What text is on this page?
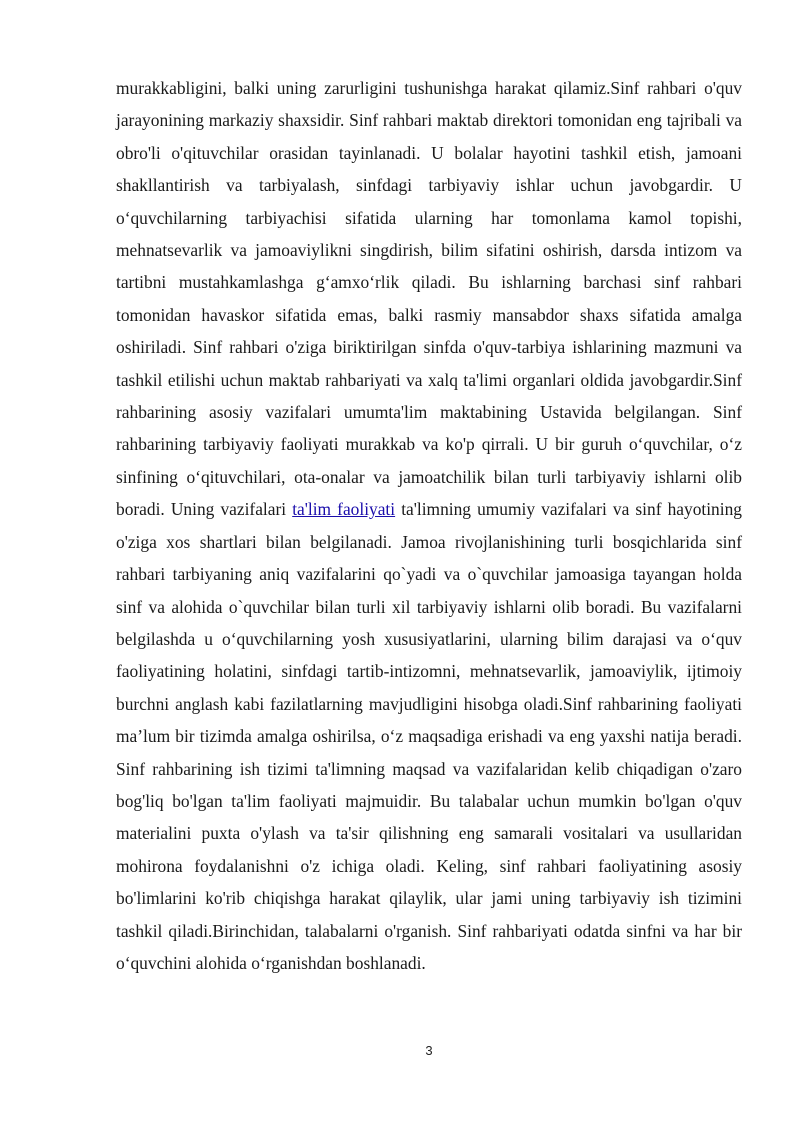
murakkabligini, balki uning zarurligini tushunishga harakat qilamiz.Sinf rahbari o'quv jarayonining markaziy shaxsidir. Sinf rahbari maktab direktori tomonidan eng tajribali va obro'li o'qituvchilar orasidan tayinlanadi. U bolalar hayotini tashkil etish, jamoani shakllantirish va tarbiyalash, sinfdagi tarbiyaviy ishlar uchun javobgardir. U o‘quvchilarning tarbiyachisi sifatida ularning har tomonlama kamol topishi, mehnatsevarlik va jamoaviylikni singdirish, bilim sifatini oshirish, darsda intizom va tartibni mustahkamlashga g‘amxo‘rlik qiladi. Bu ishlarning barchasi sinf rahbari tomonidan havaskor sifatida emas, balki rasmiy mansabdor shaxs sifatida amalga oshiriladi. Sinf rahbari o'ziga biriktirilgan sinfda o'quv-tarbiya ishlarining mazmuni va tashkil etilishi uchun maktab rahbariyati va xalq ta'limi organlari oldida javobgardir.Sinf rahbarining asosiy vazifalari umumta'lim maktabining Ustavida belgilangan. Sinf rahbarining tarbiyaviy faoliyati murakkab va ko'p qirrali. U bir guruh o‘quvchilar, o‘z sinfining o‘qituvchilari, ota-onalar va jamoatchilik bilan turli tarbiyaviy ishlarni olib boradi. Uning vazifalari ta'lim faoliyati ta'limning umumiy vazifalari va sinf hayotining o'ziga xos shartlari bilan belgilanadi. Jamoa rivojlanishining turli bosqichlarida sinf rahbari tarbiyaning aniq vazifalarini qo`yadi va o`quvchilar jamoasiga tayangan holda sinf va alohida o`quvchilar bilan turli xil tarbiyaviy ishlarni olib boradi. Bu vazifalarni belgilashda u o‘quvchilarning yosh xususiyatlarini, ularning bilim darajasi va o‘quv faoliyatining holatini, sinfdagi tartib-intizomni, mehnatsevarlik, jamoaviylik, ijtimoiy burchni anglash kabi fazilatlarning mavjudligini hisobga oladi.Sinf rahbarining faoliyati ma’lum bir tizimda amalga oshirilsa, o‘z maqsadiga erishadi va eng yaxshi natija beradi. Sinf rahbarining ish tizimi ta'limning maqsad va vazifalaridan kelib chiqadigan o'zaro bog'liq bo'lgan ta'lim faoliyati majmuidir. Bu talabalar uchun mumkin bo'lgan o'quv materialini puxta o'ylash va ta'sir qilishning eng samarali vositalari va usullaridan mohirona foydalanishni o'z ichiga oladi. Keling, sinf rahbari faoliyatining asosiy bo'limlarini ko'rib chiqishga harakat qilaylik, ular jami uning tarbiyaviy ish tizimini tashkil qiladi.Birinchidan, talabalarni o'rganish. Sinf rahbariyati odatda sinfni va har bir o‘quvchini alohida o‘rganishdan boshlanadi.

3
